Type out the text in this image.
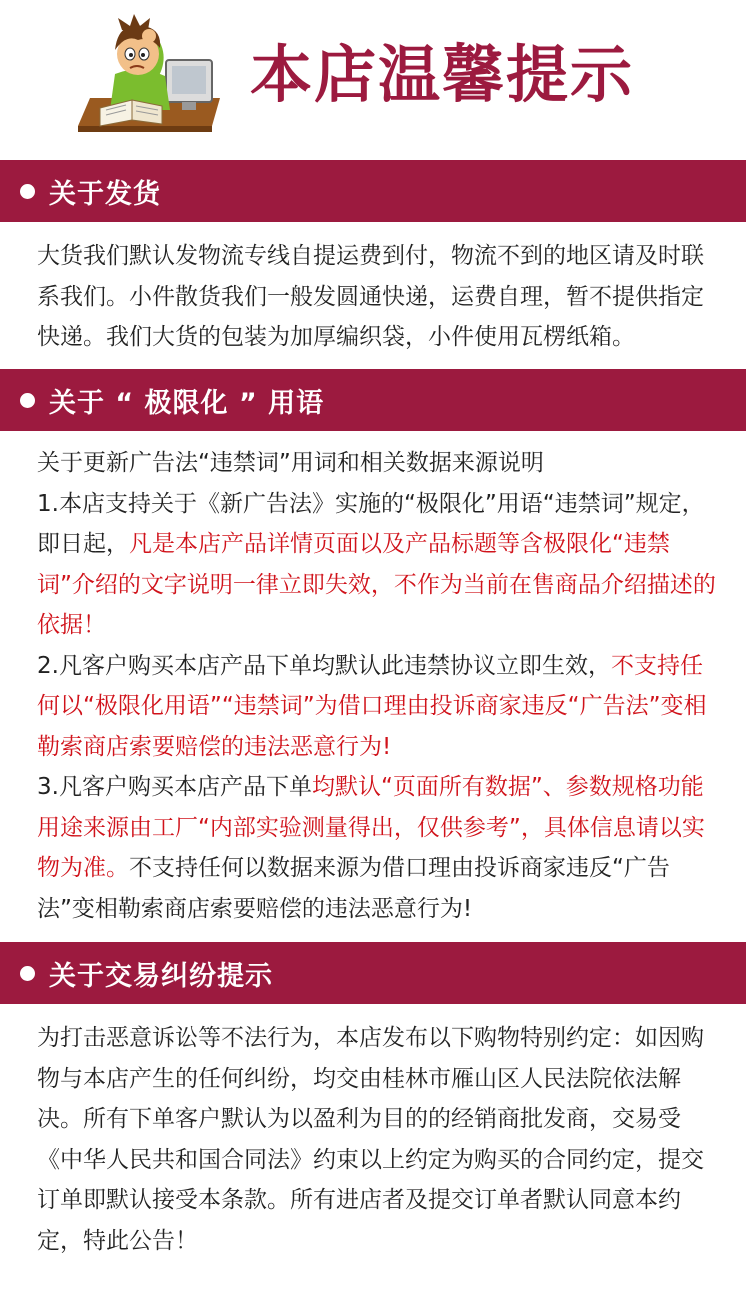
本店温馨提示
关于发货

大货我们默认发物流专线自提运费到付，物流不到的地区请及时联系我们。小件散货我们一般发圆通快递，运费自理，暂不提供指定快递。我们大货的包装为加厚编织袋，小件使用瓦楞纸箱。

关于 “ 极限化 ” 用语

关于更新广告法“违禁词”用词和相关数据来源说明

1.本店支持关于《新广告法》实施的“极限化”用语“违禁词”规定，即日起，凡是本店产品详情页面以及产品标题等含极限化“违禁词”介绍的文字说明一律立即失效，不作为当前在售商品介绍描述的依据！

2.凡客户购买本店产品下单均默认此违禁协议立即生效，不支持任何以“极限化用语”“违禁词”为借口理由投诉商家违反“广告法”变相勒索商店索要赔偿的违法恶意行为!

3.凡客户购买本店产品下单均默认“页面所有数据”、参数规格功能用途来源由工厂“内部实验测量得出，仅供参考”，具体信息请以实物为准。不支持任何以数据来源为借口理由投诉商家违反“广告法”变相勒索商店索要赔偿的违法恶意行为!

关于交易纠纷提示

为打击恶意诉讼等不法行为，本店发布以下购物特别约定：如因购物与本店产生的任何纠纷，均交由桂林市雁山区人民法院依法解决。所有下单客户默认为以盈利为目的的经销商批发商，交易受《中华人民共和国合同法》约束以上约定为购买的合同约定，提交订单即默认接受本条款。所有进店者及提交订单者默认同意本约定，特此公告！
